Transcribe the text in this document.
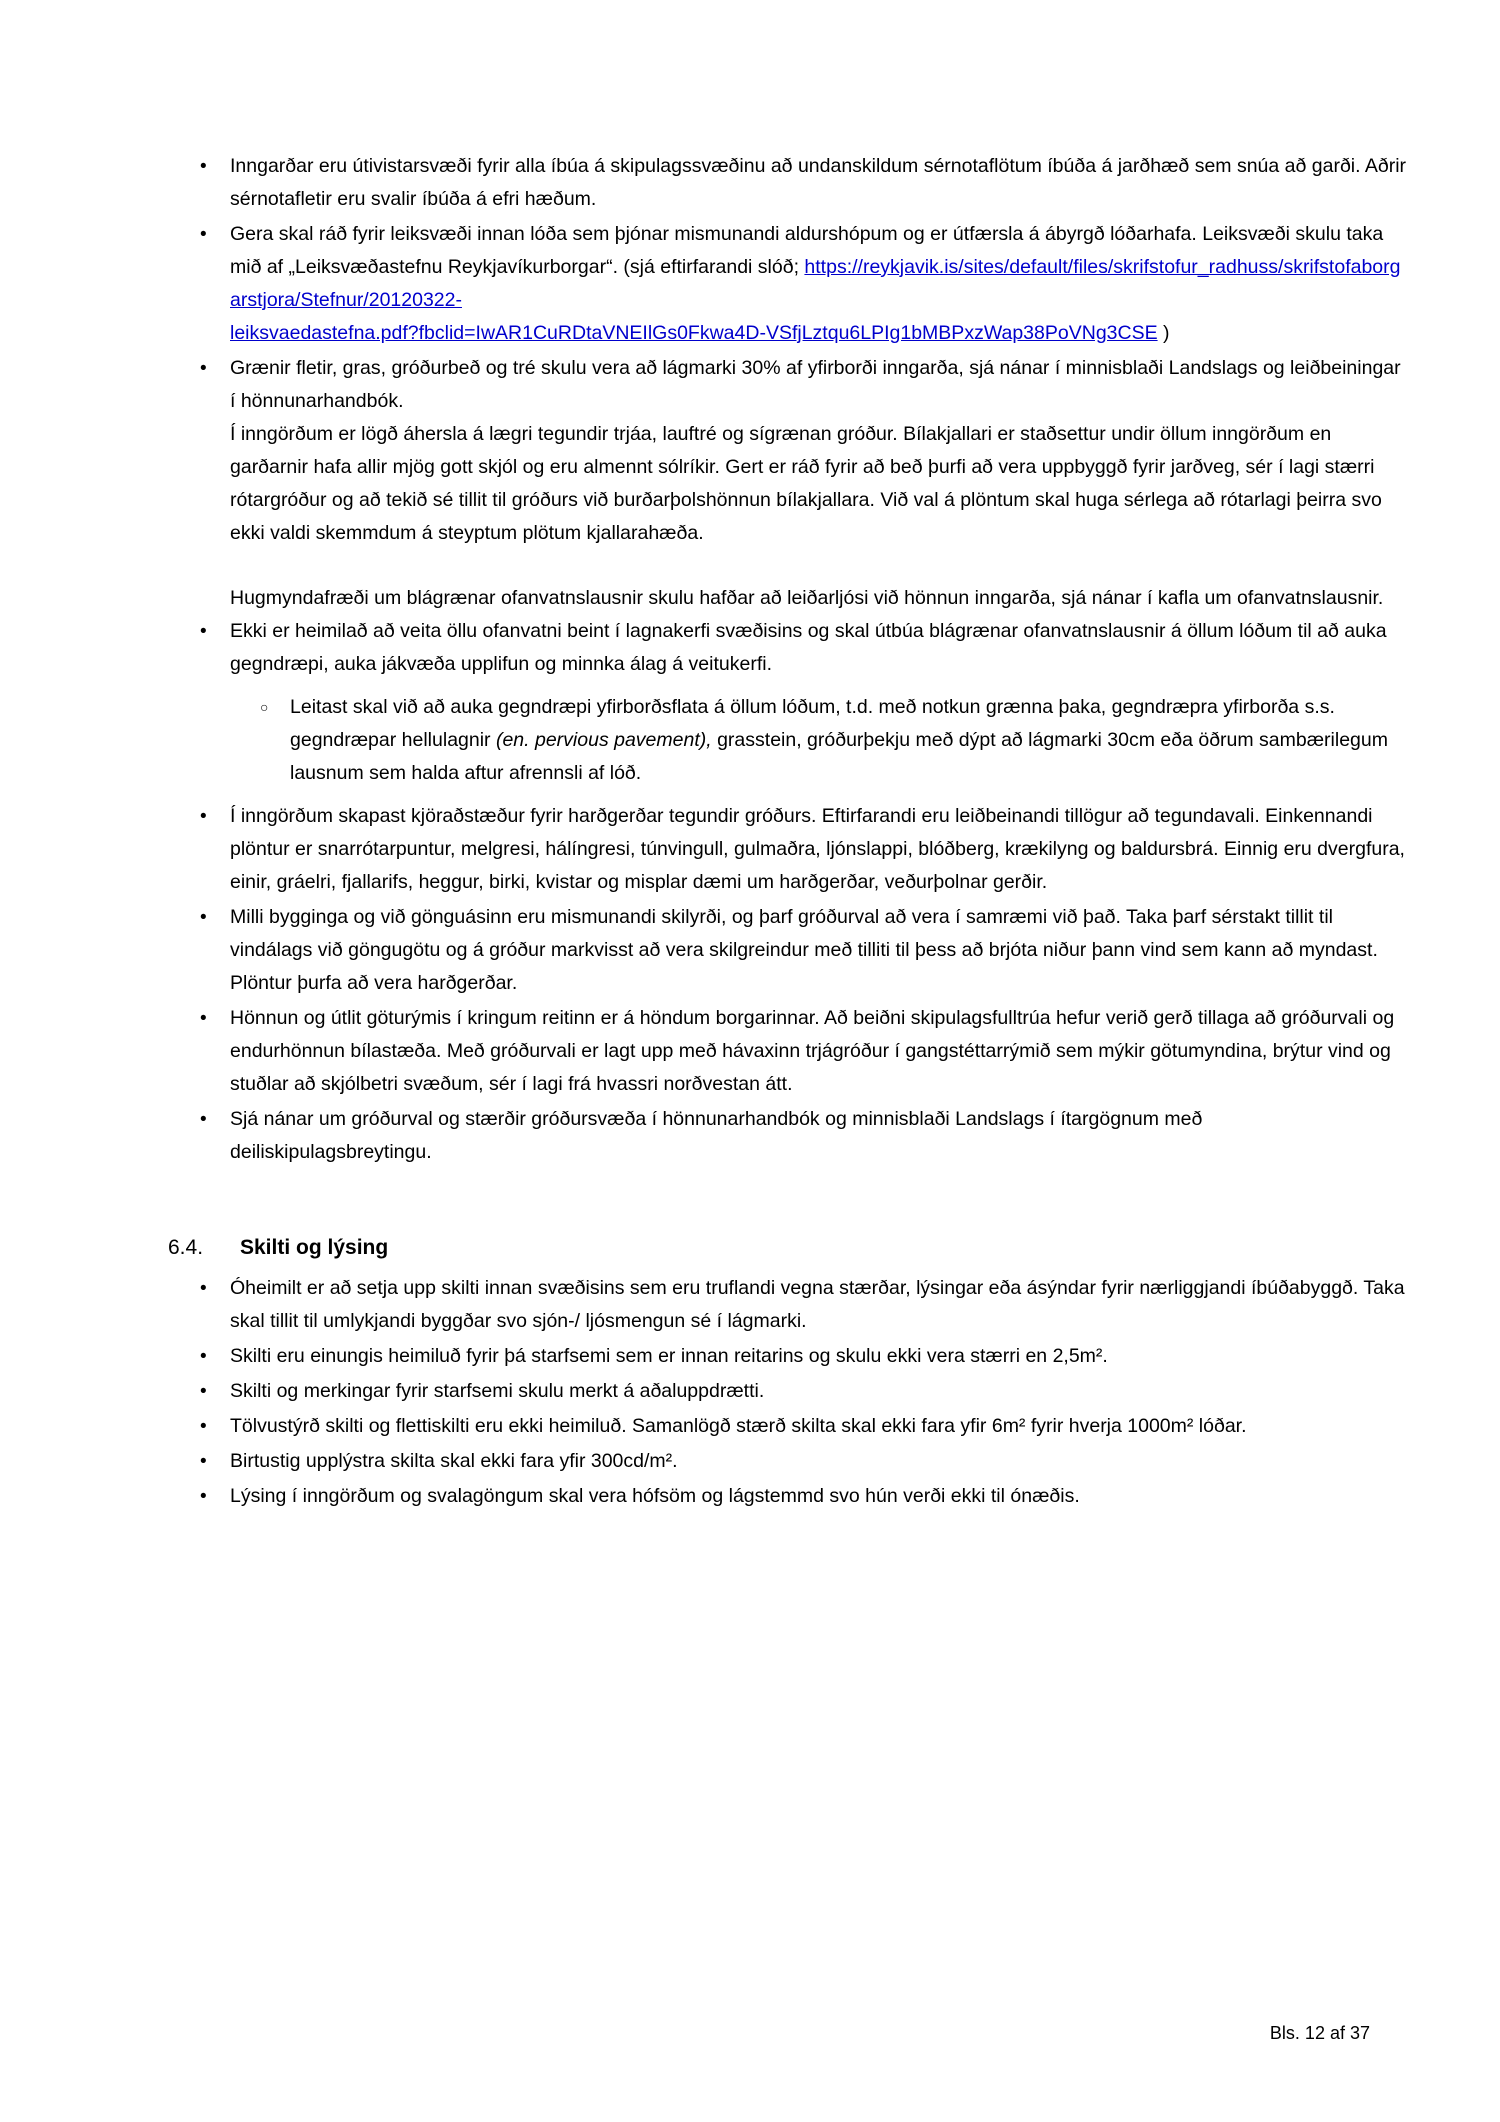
• Inngarðar eru útivistarsvæði fyrir alla íbúa á skipulagssvæðinu að undanskildum sérnotaflötum íbúða á jarðhæð sem snúa að garði. Aðrir sérnotafletir eru svalir íbúða á efri hæðum.
• Gera skal ráð fyrir leiksvæði innan lóða sem þjónar mismunandi aldurshópum og er útfærsla á ábyrgð lóðarhafa. Leiksvæði skulu taka mið af „Leiksvæðastefnu Reykjavíkurborgar“. (sjá eftirfarandi slóð; https://reykjavik.is/sites/default/files/skrifstofur_radhuss/skrifstofaborgarstjora/Stefnur/20120322-
leiksvaedastefna.pdf?fbclid=IwAR1CuRDtaVNEIlGs0Fkwa4D-VSfjLztqu6LPIg1bMBPxzWap38PoVNg3CSE )
• Grænir fletir, gras, gróðurbeð og tré skulu vera að lágmarki 30% af yfirborði inngarða, sjá nánar í minnisblaði Landslags og leiðbeiningar í hönnunarhandbók.
Í inngörðum er lögð áhersla á lægri tegundir trjáa, lauftré og sígrænan gróður. Bílakjallari er staðsettur undir öllum inngörðum en garðarnir hafa allir mjög gott skjól og eru almennt sólríkir. Gert er ráð fyrir að beð þurfi að vera uppbyggð fyrir jarðveg, sér í lagi stærri rótargróður og að tekið sé tillit til gróðurs við burðarþolshönnun bílakjallara. Við val á plöntum skal huga sérlega að rótarlagi þeirra svo ekki valdi skemmdum á steyptum plötum kjallarahæða.

Hugmyndafræði um blágrænar ofanvatnslausnir skulu hafðar að leiðarljósi við hönnun inngarða, sjá nánar í kafla um ofanvatnslausnir.

• Ekki er heimilað að veita öllu ofanvatni beint í lagnakerfi svæðisins og skal útbúa blágrænar ofanvatnslausnir á öllum lóðum til að auka gegndræpi, auka jákvæða upplifun og minnka álag á veitukerfi.
○ Leitast skal við að auka gegndræpi yfirborðsflata á öllum lóðum, t.d. með notkun grænna þaka, gegndræpra yfirborða s.s. gegndræpar hellulagnir (en. pervious pavement), grasstein, gróðurþekju með dýpt að lágmarki 30cm eða öðrum sambærilegum lausnum sem halda aftur afrennsli af lóð.
• Í inngörðum skapast kjöraðstæður fyrir harðgerðar tegundir gróðurs. Eftirfarandi eru leiðbeinandi tillögur að tegundavali. Einkennandi plöntur er snarrótarpuntur, melgresi, hálíngresi, túnvingull, gulmaðra, ljónslappi, blóðberg, krækilyng og baldursbrá. Einnig eru dvergfura, einir, gráelri, fjallarifs, heggur, birki, kvistar og misplar dæmi um harðgerðar, veðurþolnar gerðir.
• Milli bygginga og við gönguásinn eru mismunandi skilyrði, og þarf gróðurval að vera í samræmi við það. Taka þarf sérstakt tillit til vindálags við göngugötu og á gróður markvisst að vera skilgreindur með tilliti til þess að brjóta niður þann vind sem kann að myndast. Plöntur þurfa að vera harðgerðar.
• Hönnun og útlit göturýmis í kringum reitinn er á höndum borgarinnar. Að beiðni skipulagsfulltrúa hefur verið gerð tillaga að gróðurvali og endurhönnun bílastæða. Með gróðurvali er lagt upp með hávaxinn trjágróður í gangstéttarrýmið sem mýkir götumyndina, brýtur vind og stuðlar að skjólbetri svæðum, sér í lagi frá hvassri norðvestan átt.
• Sjá nánar um gróðurval og stærðir gróðursvæða í hönnunarhandbók og minnisblaði Landslags í ítargögnum með deiliskipulagsbreytingu.
6.4.	Skilti og lýsing
• Óheimilt er að setja upp skilti innan svæðisins sem eru truflandi vegna stærðar, lýsingar eða ásýndar fyrir nærliggjandi íbúðabyggð. Taka skal tillit til umlykjandi byggðar svo sjón-/ ljósmengun sé í lágmarki.
• Skilti eru einungis heimiluð fyrir þá starfsemi sem er innan reitarins og skulu ekki vera stærri en 2,5m².
• Skilti og merkingar fyrir starfsemi skulu merkt á aðaluppdrætti.
• Tölvustýrð skilti og flettiskilti eru ekki heimiluð. Samanlögð stærð skilta skal ekki fara yfir 6m² fyrir hverja 1000m² lóðar.
• Birtustig upplýstra skilta skal ekki fara yfir 300cd/m².
• Lýsing í inngörðum og svalagöngum skal vera hófsöm og lágstemmd svo hún verði ekki til ónæðis.
Bls. 12 af 37
